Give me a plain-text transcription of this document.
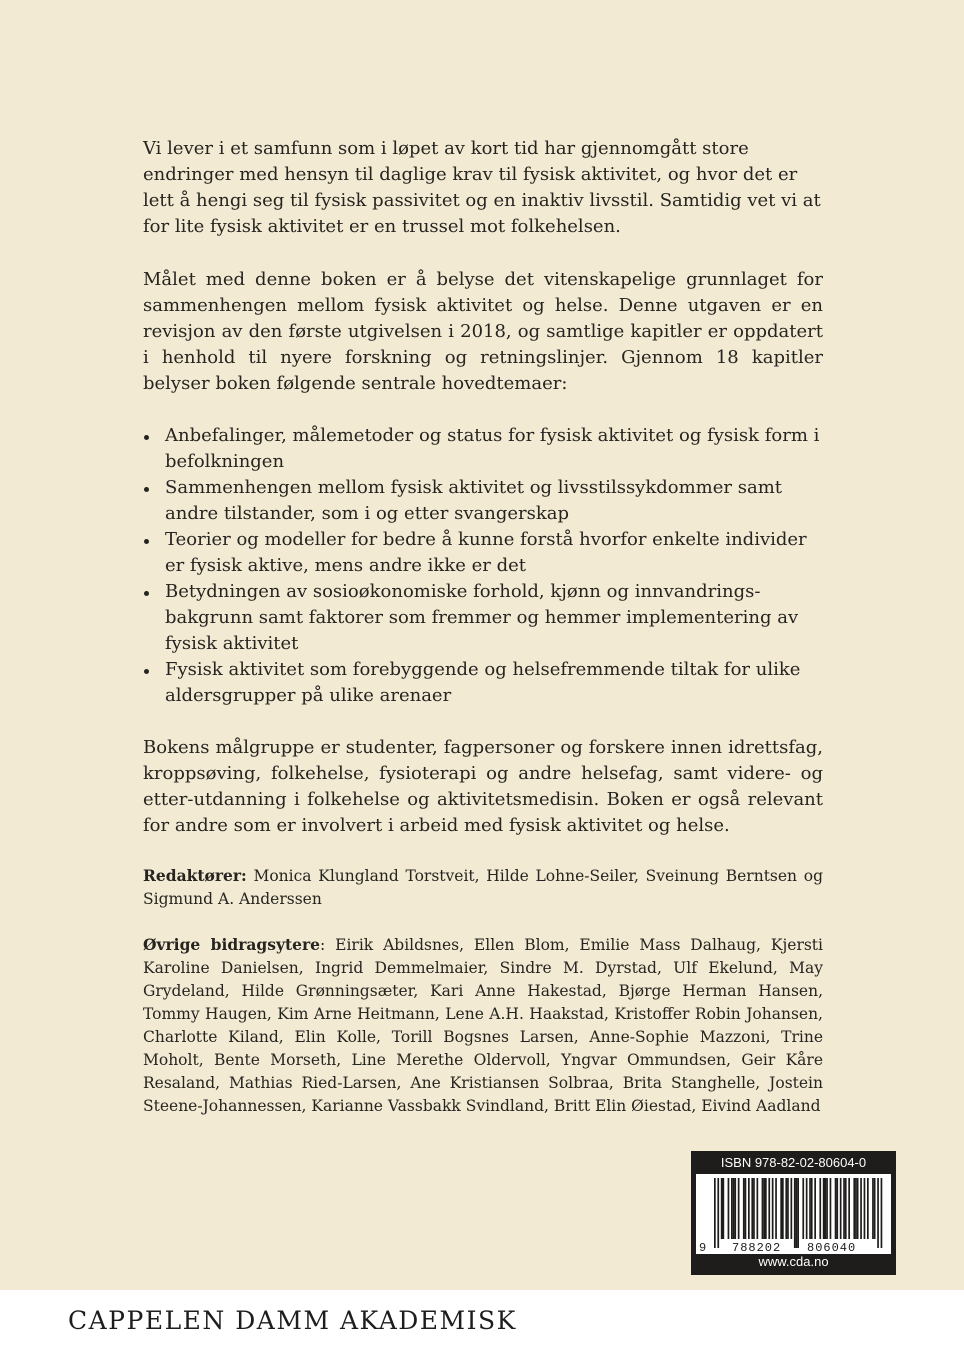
Vi lever i et samfunn som i løpet av kort tid har gjennomgått store endringer med hensyn til daglige krav til fysisk aktivitet, og hvor det er lett å hengi seg til fysisk passivitet og en inaktiv livsstil. Samtidig vet vi at for lite fysisk aktivitet er en trussel mot folkehelsen.

Målet med denne boken er å belyse det vitenskapelige grunnlaget for sammenhengen mellom fysisk aktivitet og helse. Denne utgaven er en revisjon av den første utgivelsen i 2018, og samtlige kapitler er oppdatert i henhold til nyere forskning og retningslinjer. Gjennom 18 kapitler belyser boken følgende sentrale hovedtemaer:

Anbefalinger, målemetoder og status for fysisk aktivitet og fysisk form i befolkningen
Sammenhengen mellom fysisk aktivitet og livsstilssykdommer samt andre tilstander, som i og etter svangerskap
Teorier og modeller for bedre å kunne forstå hvorfor enkelte individer er fysisk aktive, mens andre ikke er det
Betydningen av sosioøkonomiske forhold, kjønn og innvandrings-bakgrunn samt faktorer som fremmer og hemmer implementering av fysisk aktivitet
Fysisk aktivitet som forebyggende og helsefremmende tiltak for ulike aldersgrupper på ulike arenaer

Bokens målgruppe er studenter, fagpersoner og forskere innen idrettsfag, kroppsøving, folkehelse, fysioterapi og andre helsefag, samt videre- og etter-utdanning i folkehelse og aktivitetsmedisin. Boken er også relevant for andre som er involvert i arbeid med fysisk aktivitet og helse.

Redaktører: Monica Klungland Torstveit, Hilde Lohne-Seiler, Sveinung Berntsen og Sigmund A. Anderssen
Øvrige bidragsytere: Eirik Abildsnes, Ellen Blom, Emilie Mass Dalhaug, Kjersti Karoline Danielsen, Ingrid Demmelmaier, Sindre M. Dyrstad, Ulf Ekelund, May Grydeland, Hilde Grønningsæter, Kari Anne Hakestad, Bjørge Herman Hansen, Tommy Haugen, Kim Arne Heitmann, Lene A.H. Haakstad, Kristoffer Robin Johansen, Charlotte Kiland, Elin Kolle, Torill Bogsnes Larsen, Anne-Sophie Mazzoni, Trine Moholt, Bente Morseth, Line Merethe Oldervoll, Yngvar Ommundsen, Geir Kåre Resaland, Mathias Ried-Larsen, Ane Kristiansen Solbraa, Brita Stanghelle, Jostein Steene-Johannessen, Karianne Vassbakk Svindland, Britt Elin Øiestad, Eivind Aadland
ISBN 978-82-02-80604-0
9 788202 806040
www.cda.no
CAPPELEN DAMM AKADEMISK
